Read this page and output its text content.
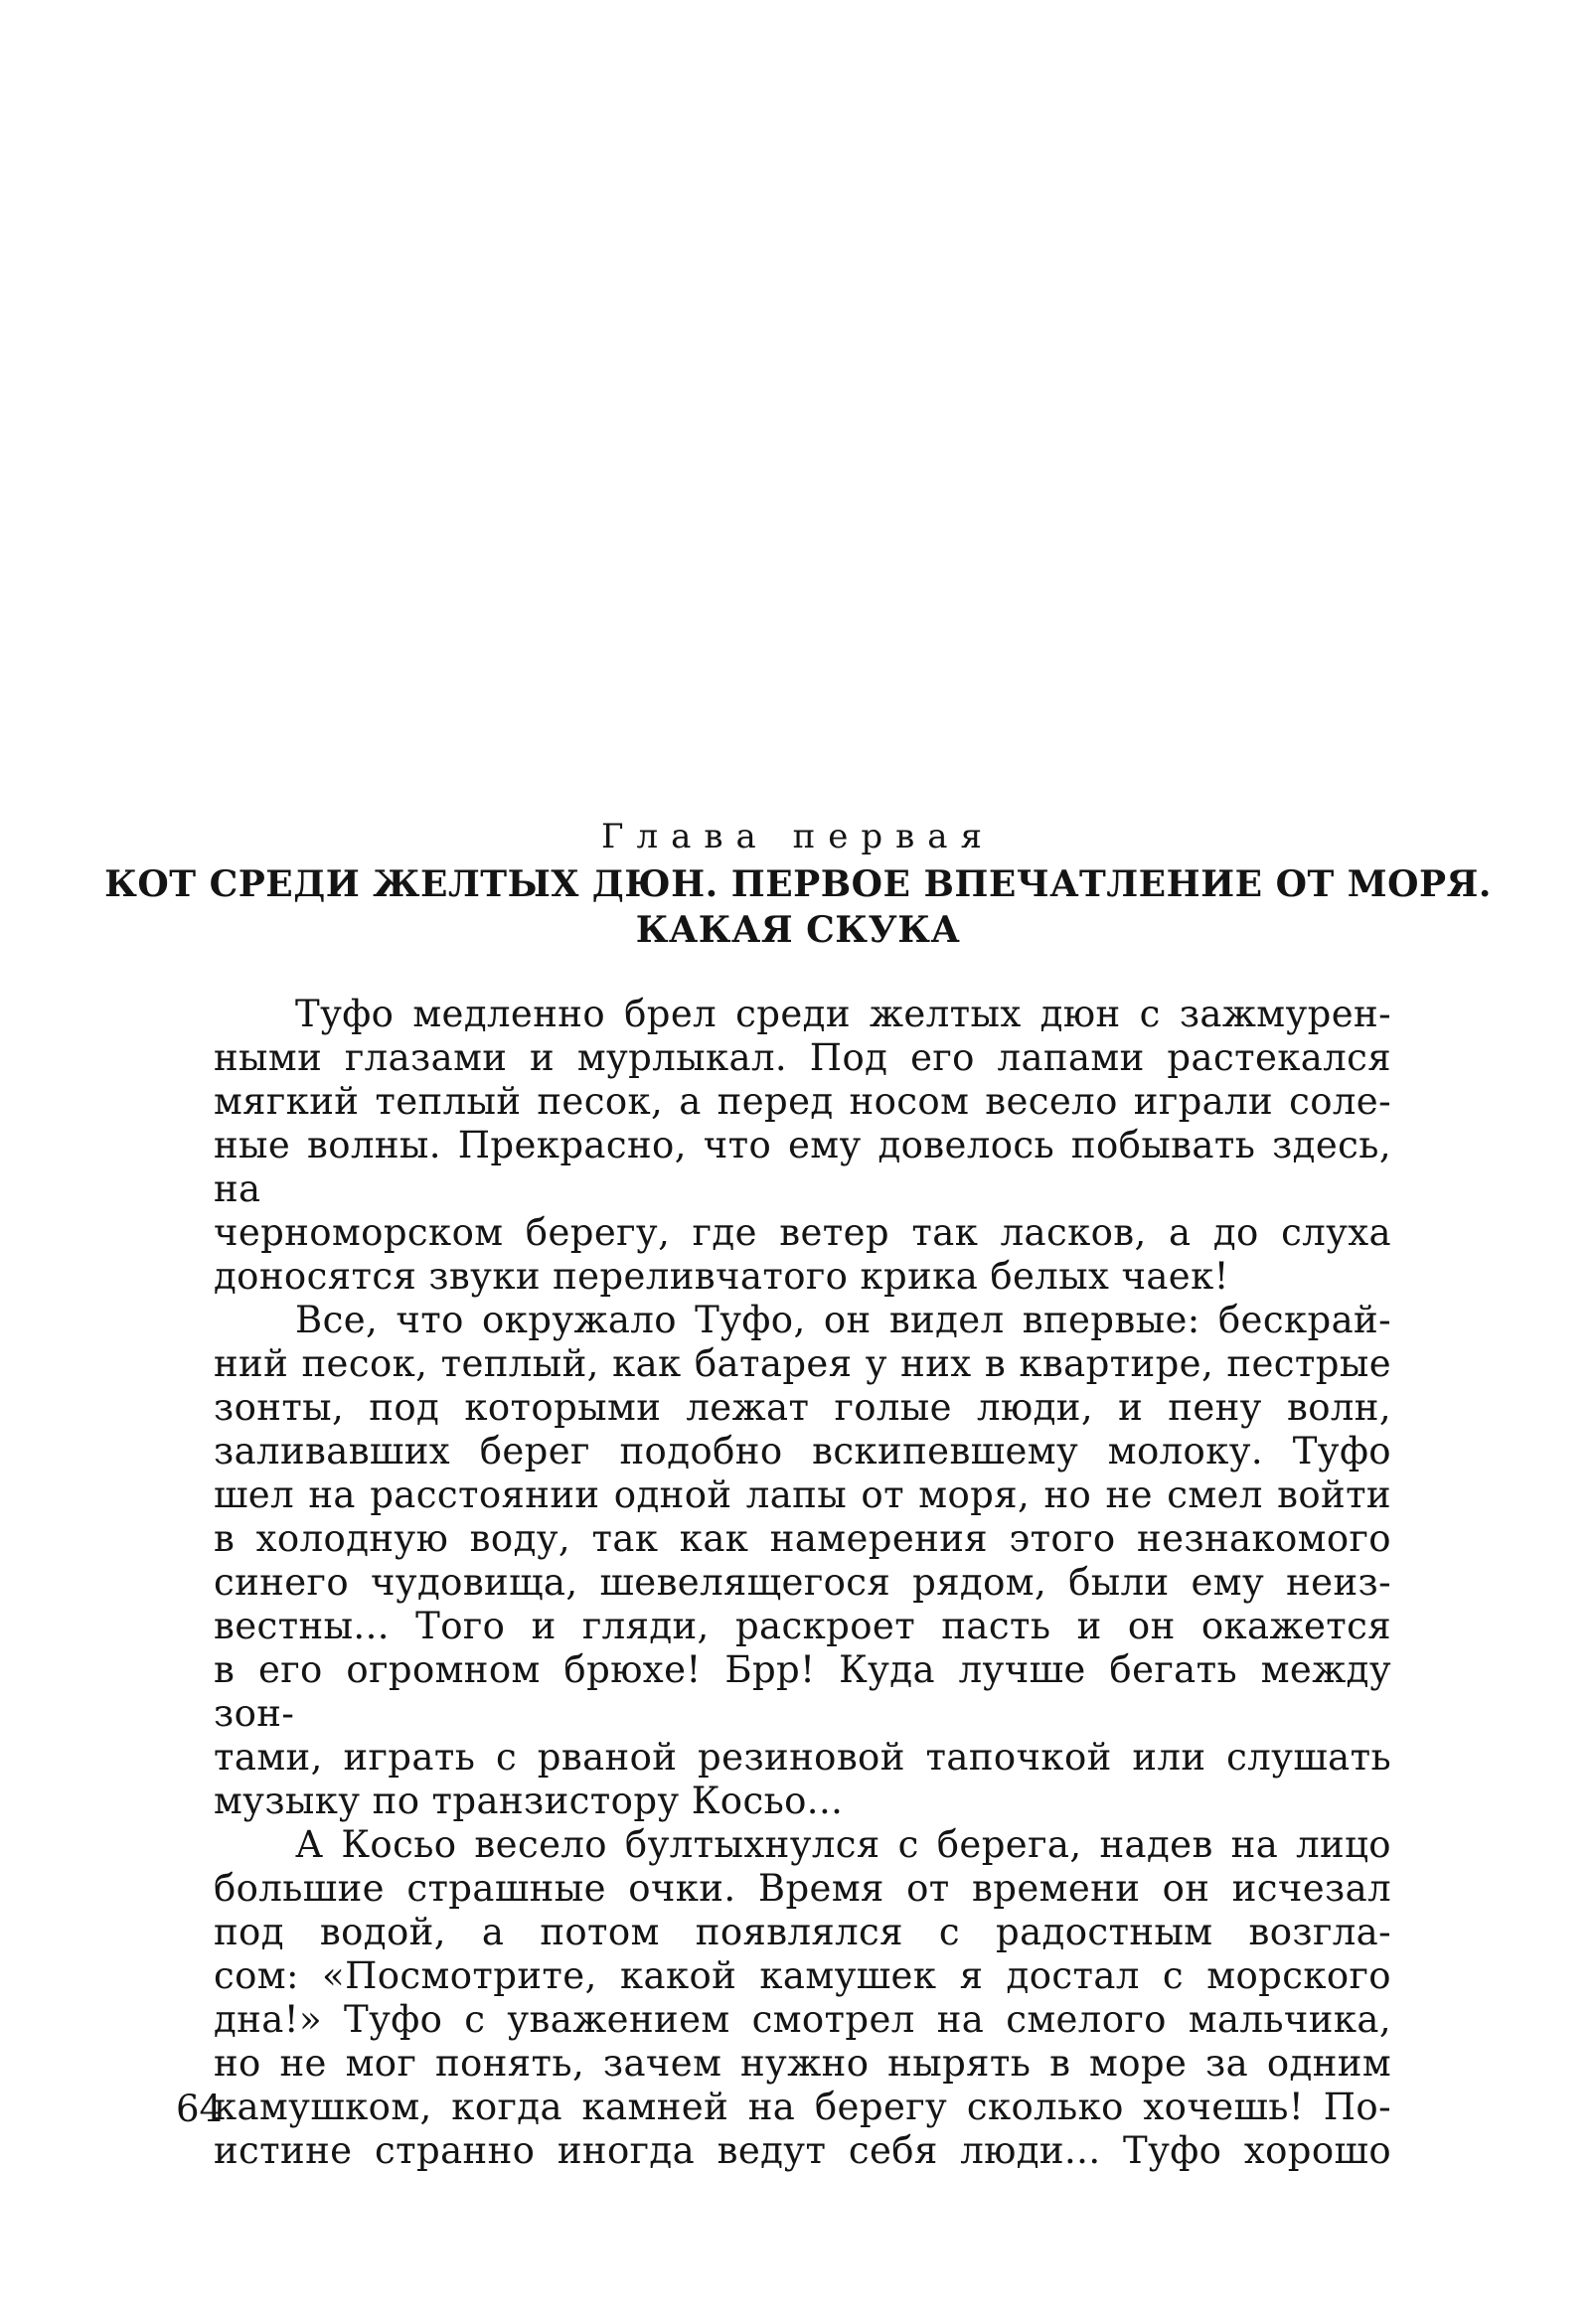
Глава первая
КОТ СРЕДИ ЖЕЛТЫХ ДЮН. ПЕРВОЕ ВПЕЧАТЛЕНИЕ ОТ МОРЯ.
КАКАЯ СКУКА
Туфо медленно брел среди желтых дюн с зажмурен-
ными глазами и мурлыкал. Под его лапами растекался
мягкий теплый песок, а перед носом весело играли соле-
ные волны. Прекрасно, что ему довелось побывать здесь, на
черноморском берегу, где ветер так ласков, а до слуха
доносятся звуки переливчатого крика белых чаек!
Все, что окружало Туфо, он видел впервые: бескрай-
ний песок, теплый, как батарея у них в квартире, пестрые
зонты, под которыми лежат голые люди, и пену волн,
заливавших берег подобно вскипевшему молоку. Туфо
шел на расстоянии одной лапы от моря, но не смел войти
в холодную воду, так как намерения этого незнакомого
синего чудовища, шевелящегося рядом, были ему неиз-
вестны... Того и гляди, раскроет пасть и он окажется
в его огромном брюхе! Брр! Куда лучше бегать между зон-
тами, играть с рваной резиновой тапочкой или слушать
музыку по транзистору Косьо...
А Косьо весело бултыхнулся с берега, надев на лицо
большие страшные очки. Время от времени он исчезал
под водой, а потом появлялся с радостным возгла-
сом: «Посмотрите, какой камушек я достал с морского
дна!» Туфо с уважением смотрел на смелого мальчика,
но не мог понять, зачем нужно нырять в море за одним
камушком, когда камней на берегу сколько хочешь! По-
истине странно иногда ведут себя люди... Туфо хорошо
64
